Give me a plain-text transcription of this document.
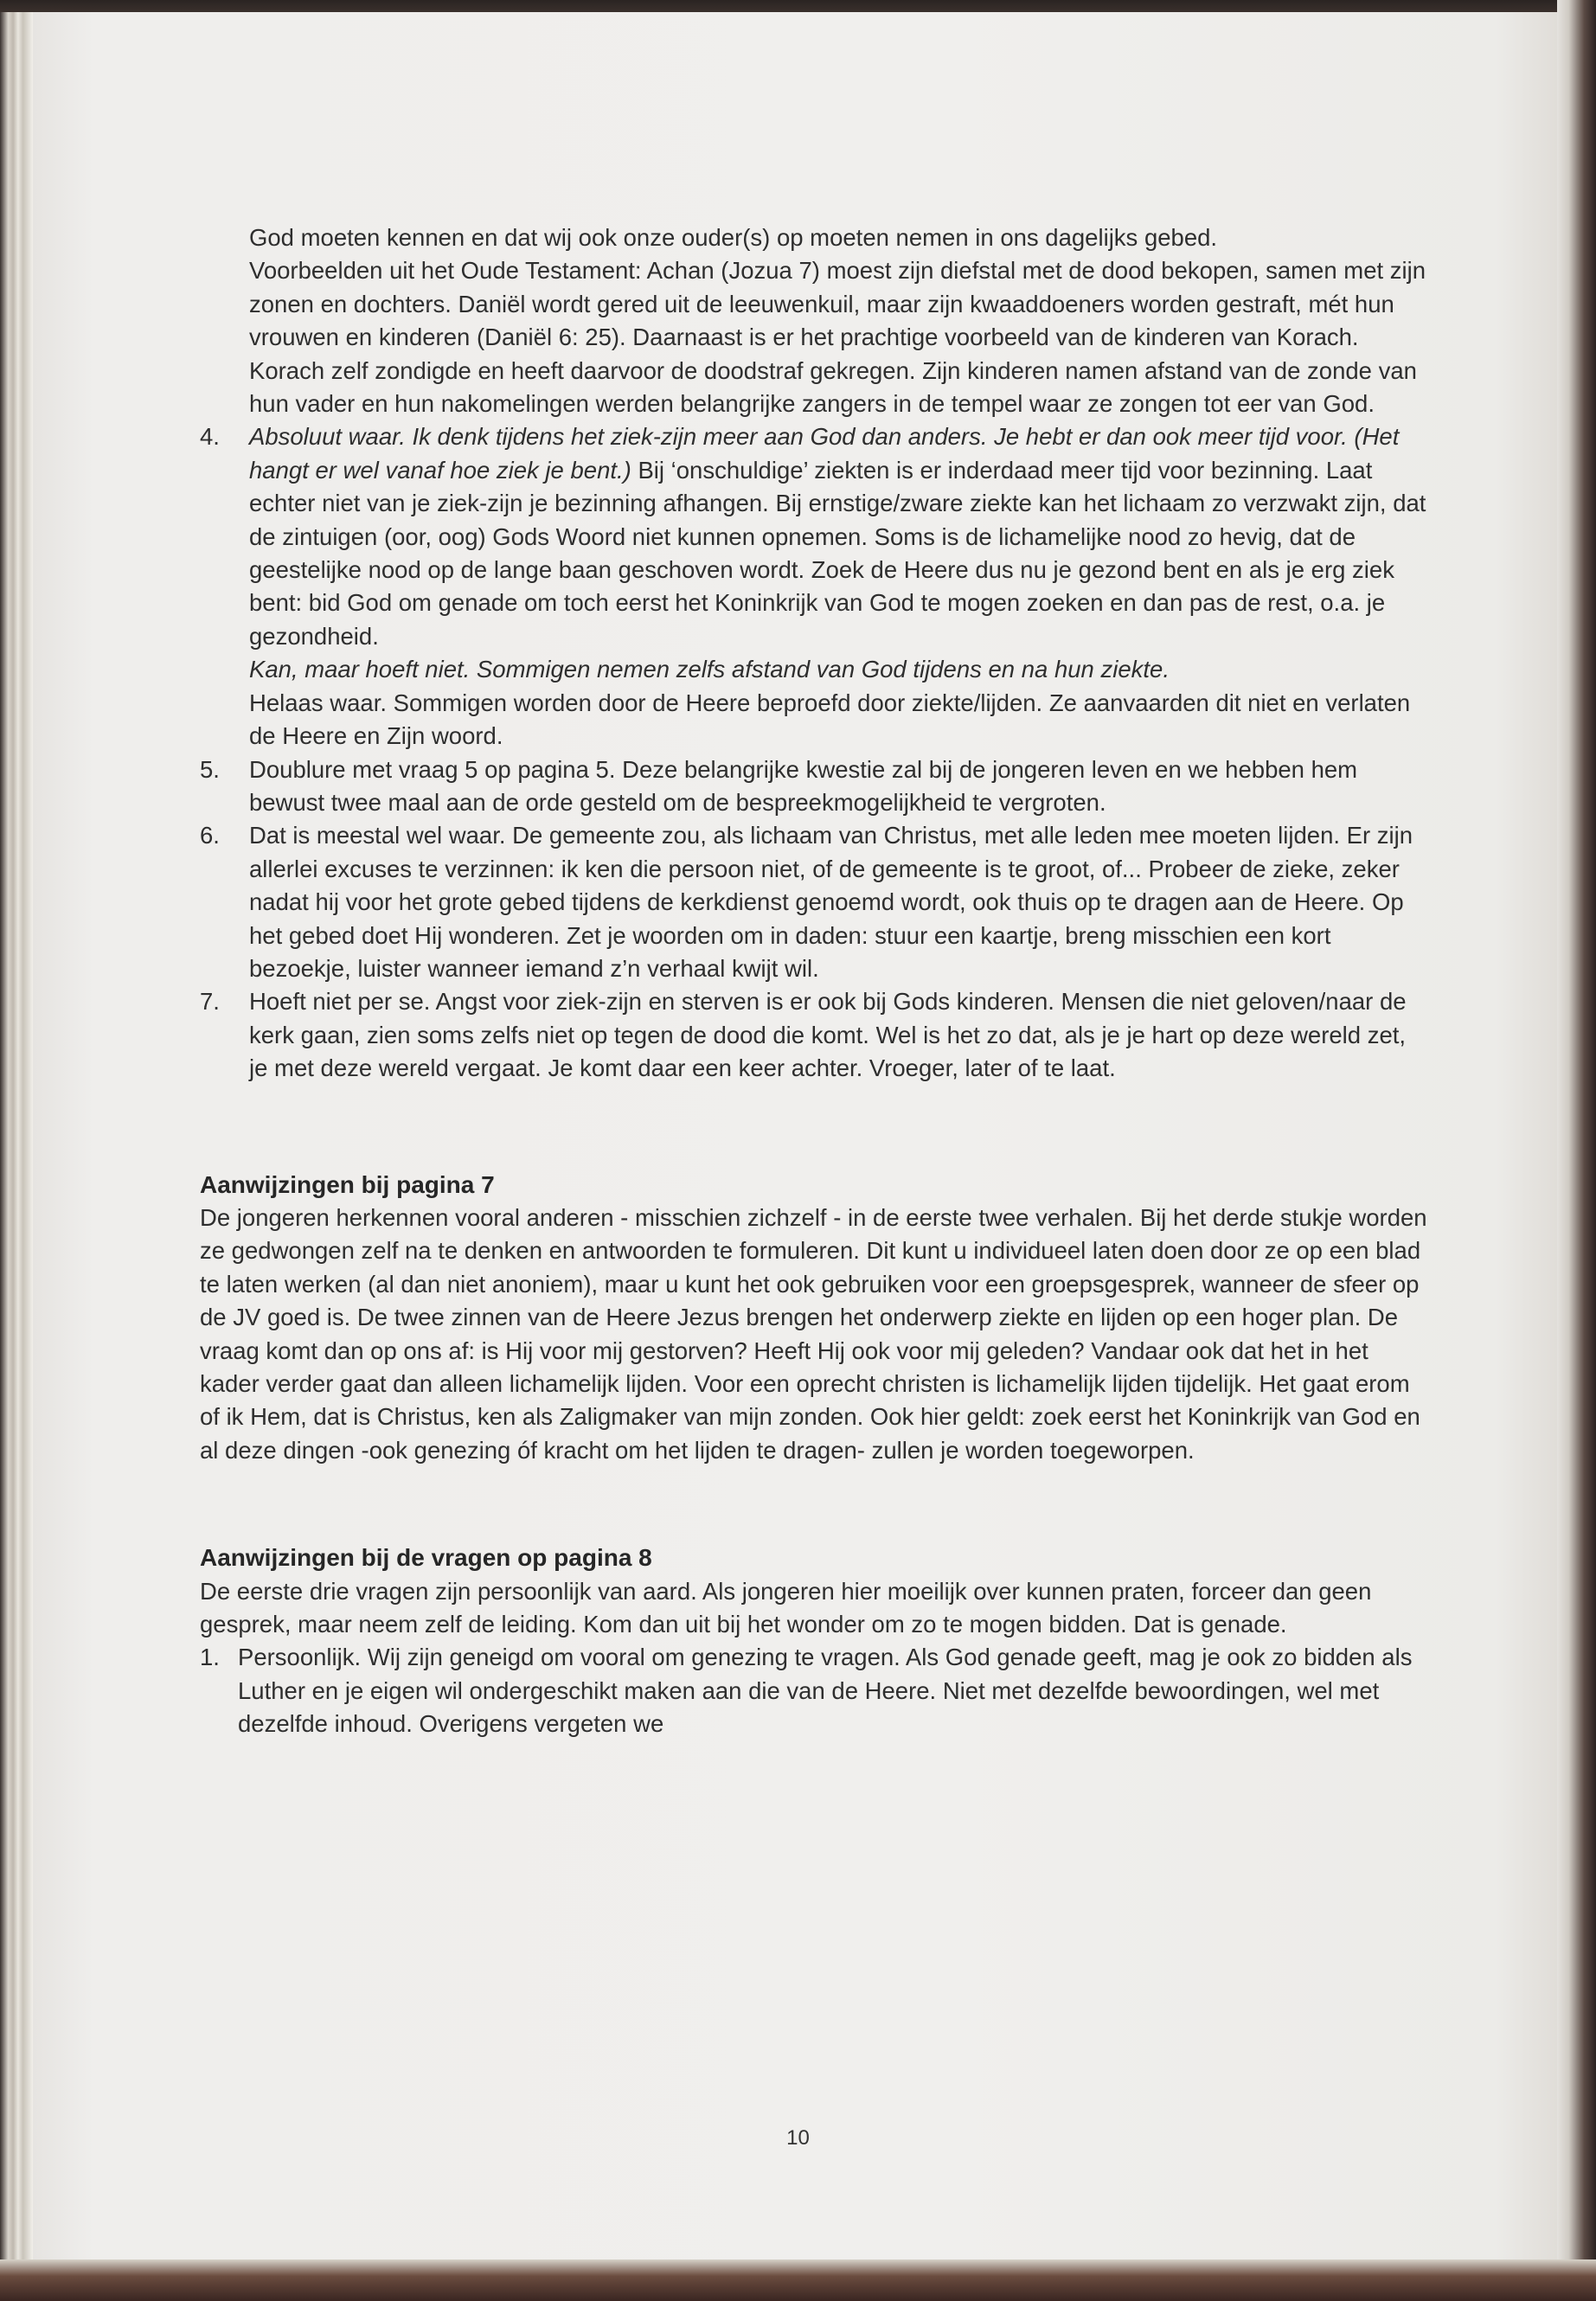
God moeten kennen en dat wij ook onze ouder(s) op moeten nemen in ons dagelijks gebed.

Voorbeelden uit het Oude Testament: Achan (Jozua 7) moest zijn diefstal met de dood bekopen, samen met zijn zonen en dochters. Daniël wordt gered uit de leeuwenkuil, maar zijn kwaaddoeners worden gestraft, mét hun vrouwen en kinderen (Daniël 6: 25). Daarnaast is er het prachtige voorbeeld van de kinderen van Korach. Korach zelf zondigde en heeft daarvoor de doodstraf gekregen. Zijn kinderen namen afstand van de zonde van hun vader en hun nakomelingen werden belangrijke zangers in de tempel waar ze zongen tot eer van God.

4.	Absoluut waar. Ik denk tijdens het ziek-zijn meer aan God dan anders. Je hebt er dan ook meer tijd voor. (Het hangt er wel vanaf hoe ziek je bent.) Bij ‘onschuldige’ ziekten is er inderdaad meer tijd voor bezinning. Laat echter niet van je ziek-zijn je bezinning afhangen. Bij ernstige/zware ziekte kan het lichaam zo verzwakt zijn, dat de zintuigen (oor, oog) Gods Woord niet kunnen opnemen. Soms is de lichamelijke nood zo hevig, dat de geestelijke nood op de lange baan geschoven wordt. Zoek de Heere dus nu je gezond bent en als je erg ziek bent: bid God om genade om toch eerst het Koninkrijk van God te mogen zoeken en dan pas de rest, o.a. je gezondheid.

Kan, maar hoeft niet. Sommigen nemen zelfs afstand van God tijdens en na hun ziekte.

Helaas waar. Sommigen worden door de Heere beproefd door ziekte/lijden. Ze aanvaarden dit niet en verlaten de Heere en Zijn woord.

5.	Doublure met vraag 5 op pagina 5. Deze belangrijke kwestie zal bij de jongeren leven en we hebben hem bewust twee maal aan de orde gesteld om de bespreekmogelijkheid te vergroten.

6.	Dat is meestal wel waar. De gemeente zou, als lichaam van Christus, met alle leden mee moeten lijden. Er zijn allerlei excuses te verzinnen: ik ken die persoon niet, of de gemeente is te groot, of... Probeer de zieke, zeker nadat hij voor het grote gebed tijdens de kerkdienst genoemd wordt, ook thuis op te dragen aan de Heere. Op het gebed doet Hij wonderen. Zet je woorden om in daden: stuur een kaartje, breng misschien een kort bezoekje, luister wanneer iemand z’n verhaal kwijt wil.

7.	Hoeft niet per se. Angst voor ziek-zijn en sterven is er ook bij Gods kinderen. Mensen die niet geloven/naar de kerk gaan, zien soms zelfs niet op tegen de dood die komt. Wel is het zo dat, als je je hart op deze wereld zet, je met deze wereld vergaat. Je komt daar een keer achter. Vroeger, later of te laat.

Aanwijzingen bij pagina 7

De jongeren herkennen vooral anderen - misschien zichzelf - in de eerste twee verhalen. Bij het derde stukje worden ze gedwongen zelf na te denken en antwoorden te formuleren. Dit kunt u individueel laten doen door ze op een blad te laten werken (al dan niet anoniem), maar u kunt het ook gebruiken voor een groepsgesprek, wanneer de sfeer op de JV goed is. De twee zinnen van de Heere Jezus brengen het onderwerp ziekte en lijden op een hoger plan. De vraag komt dan op ons af: is Hij voor mij gestorven? Heeft Hij ook voor mij geleden? Vandaar ook dat het in het kader verder gaat dan alleen lichamelijk lijden. Voor een oprecht christen is lichamelijk lijden tijdelijk. Het gaat erom of ik Hem, dat is Christus, ken als Zaligmaker van mijn zonden. Ook hier geldt: zoek eerst het Koninkrijk van God en al deze dingen -ook genezing óf kracht om het lijden te dragen- zullen je worden toegeworpen.

Aanwijzingen bij de vragen op pagina 8

De eerste drie vragen zijn persoonlijk van aard. Als jongeren hier moeilijk over kunnen praten, forceer dan geen gesprek, maar neem zelf de leiding. Kom dan uit bij het wonder om zo te mogen bidden. Dat is genade.

1. Persoonlijk. Wij zijn geneigd om vooral om genezing te vragen. Als God genade geeft, mag je ook zo bidden als Luther en je eigen wil ondergeschikt maken aan die van de Heere. Niet met dezelfde bewoordingen, wel met dezelfde inhoud. Overigens vergeten we

10
